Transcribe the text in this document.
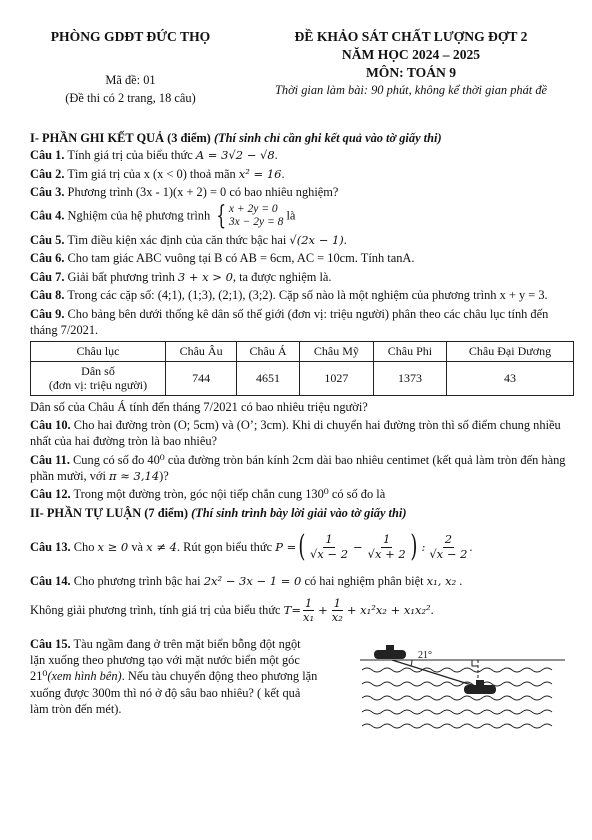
PHÒNG GDĐT ĐỨC THỌ
Mã đề: 01
(Đề thi có 2 trang, 18 câu)
ĐỀ KHẢO SÁT CHẤT LƯỢNG ĐỢT 2
NĂM HỌC 2024 – 2025
MÔN: TOÁN 9
Thời gian làm bài: 90 phút, không kể thời gian phát đề
I- PHẦN GHI KẾT QUẢ (3 điểm) (Thí sinh chỉ cần ghi kết quả vào tờ giấy thi)
Câu 1. Tính giá trị của biểu thức A = 3√2 − √8.
Câu 2. Tìm giá trị của x (x < 0) thoả mãn x² = 16.
Câu 3. Phương trình (3x - 1)(x + 2) = 0 có bao nhiêu nghiệm?
Câu 4. Nghiệm của hệ phương trình { x + 2y = 0
3x − 2y = 8
là
Câu 5. Tìm điều kiện xác định của căn thức bậc hai √(2x − 1).
Câu 6. Cho tam giác ABC vuông tại B có AB = 6cm, AC = 10cm. Tính tanA.
Câu 7. Giải bất phương trình 3 + x > 0, ta được nghiệm là.
Câu 8. Trong các cặp số: (4;1), (1;3), (2;1), (3;2). Cặp số nào là một nghiệm của phương trình x + y = 3.
Câu 9. Cho bảng bên dưới thống kê dân số thế giới (đơn vị: triệu người) phân theo các châu lục tính đến tháng 7/2021.
Châu lục	Châu Âu	Châu Á	Châu Mỹ	Châu Phi	Châu Đại Dương

Dân số
(đơn vị: triệu người)	744	4651	1027	1373	43
Dân số của Châu Á tính đến tháng 7/2021 có bao nhiêu triệu người?
Câu 10. Cho hai đường tròn (O; 5cm) và (O’; 3cm). Khi di chuyển hai đường tròn thì số điểm chung nhiều nhất của hai đường tròn là bao nhiêu?
Câu 11. Cung có số đo 40⁰ của đường tròn bán kính 2cm dài bao nhiêu centimet (kết quả làm tròn đến hàng phần mười, với π ≈ 3,14)?
Câu 12. Trong một đường tròn, góc nội tiếp chắn cung 130⁰ có số đo là
II- PHẦN TỰ LUẬN (7 điểm) (Thí sinh trình bày lời giải vào tờ giấy thi)
Câu 13.
Cho
x ≥ 0
và
x ≠ 4 . Rút gọn biểu thức
P = ( $\frac{1}{√x - 2} - \frac{1}{√x + 2}$ ) : $\frac{2}{√x - 2}$ .
Câu 14. Cho phương trình bậc hai 2x² − 3x − 1 = 0 có hai nghiệm phân biệt x₁, x₂ .
Không giải phương trình, tính giá trị của biểu thức
$T= \frac{1}{\text{x₁}} + \frac{1}{\text{x₂}} + x_1^2x_2 + x_1x_2^2$ .
Câu 15. Tàu ngầm đang ở trên mặt biển bỗng đột ngột lặn xuống theo phương tạo với mặt nước biển một góc 21⁰(xem hình bên). Nếu tàu chuyển động theo phương lặn xuống được 300m thì nó ở độ sâu bao nhiêu? ( kết quả làm tròn đến mét).
21°
